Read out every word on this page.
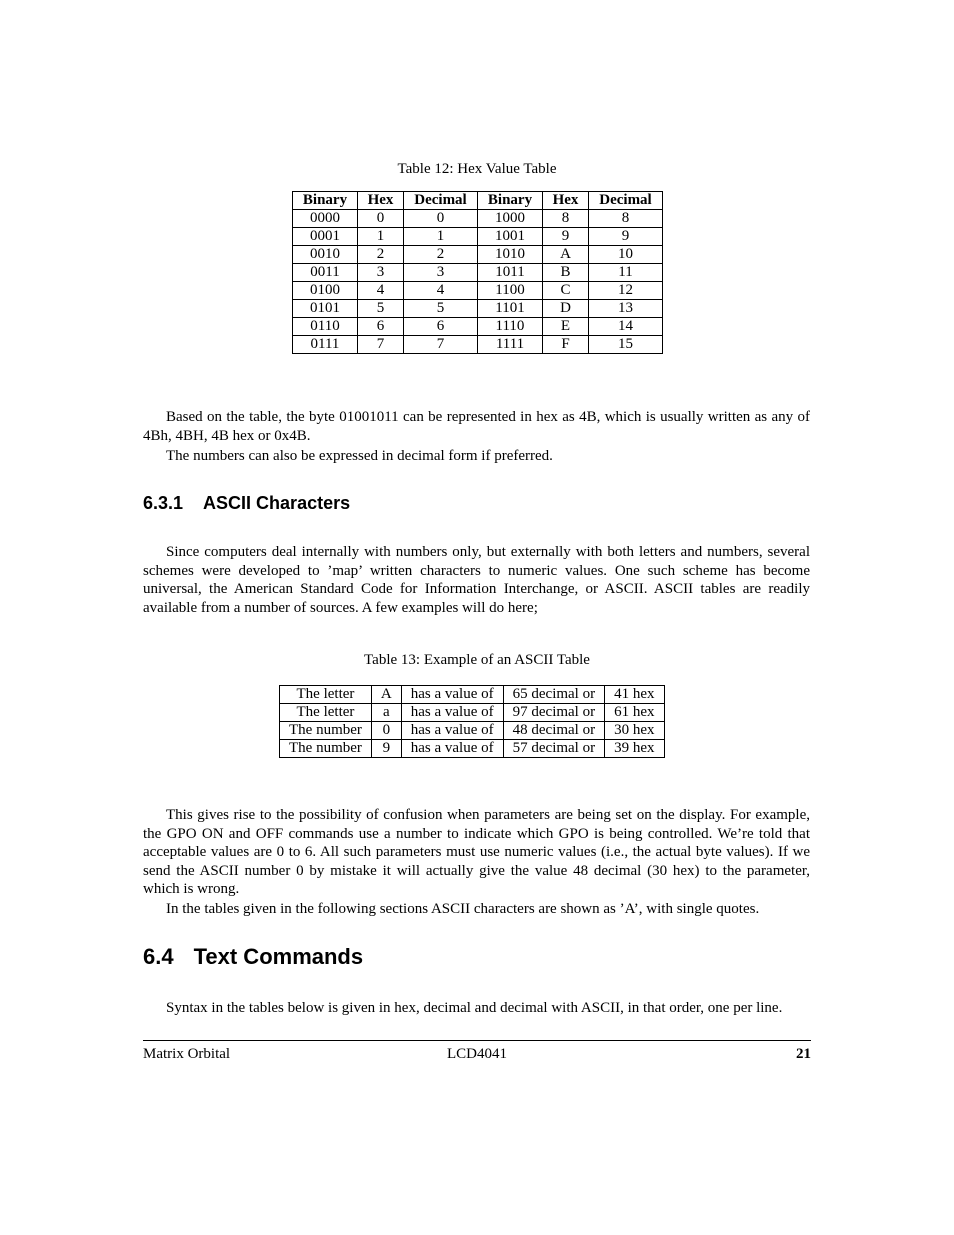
Table 12: Hex Value Table
Binary	Hex	Decimal	Binary	Hex	Decimal
0000	0	0	1000	8	8
0001	1	1	1001	9	9
0010	2	2	1010	A	10
0011	3	3	1011	B	11
0100	4	4	1100	C	12
0101	5	5	1101	D	13
0110	6	6	1110	E	14
0111	7	7	1111	F	15

Based on the table, the byte 01001011 can be represented in hex as 4B, which is usually written as any of 4Bh, 4BH, 4B hex or 0x4B.

The numbers can also be expressed in decimal form if preferred.

6.3.1 ASCII Characters

Since computers deal internally with numbers only, but externally with both letters and numbers, several schemes were developed to ’map’ written characters to numeric values. One such scheme has become universal, the American Standard Code for Information Interchange, or ASCII. ASCII tables are readily available from a number of sources. A few examples will do here;

Table 13: Example of an ASCII Table
The letter	A	has a value of	65 decimal or	41 hex
The letter	a	has a value of	97 decimal or	61 hex
The number	0	has a value of	48 decimal or	30 hex
The number	9	has a value of	57 decimal or	39 hex

This gives rise to the possibility of confusion when parameters are being set on the display. For example, the GPO ON and OFF commands use a number to indicate which GPO is being controlled. We’re told that acceptable values are 0 to 6. All such parameters must use numeric values (i.e., the actual byte values). If we send the ASCII number 0 by mistake it will actually give the value 48 decimal (30 hex) to the parameter, which is wrong.

In the tables given in the following sections ASCII characters are shown as ’A’, with single quotes.

6.4 Text Commands

Syntax in the tables below is given in hex, decimal and decimal with ASCII, in that order, one per line.

Matrix Orbital	LCD4041	21
